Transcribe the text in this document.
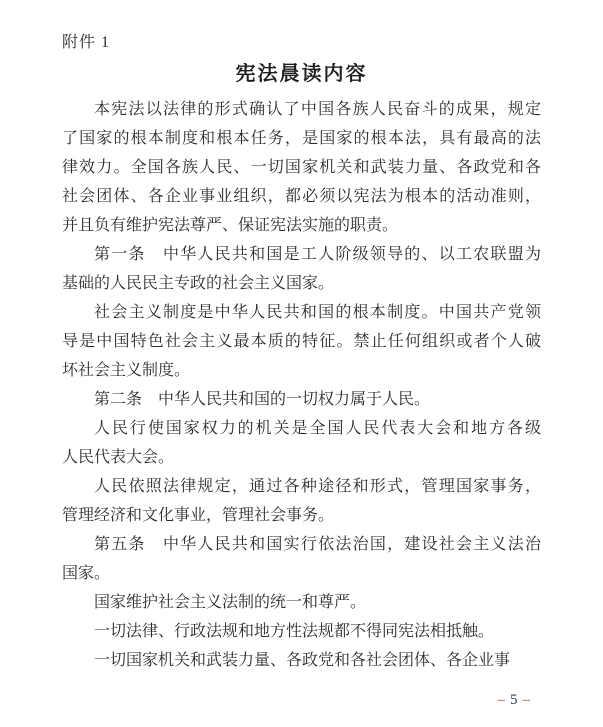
附件 1
宪法晨读内容
本宪法以法律的形式确认了中国各族人民奋斗的成果，规定
了国家的根本制度和根本任务，是国家的根本法，具有最高的法
律效力。全国各族人民、一切国家机关和武装力量、各政党和各
社会团体、各企业事业组织，都必须以宪法为根本的活动准则，
并且负有维护宪法尊严、保证宪法实施的职责。
第一条　中华人民共和国是工人阶级领导的、以工农联盟为
基础的人民民主专政的社会主义国家。
社会主义制度是中华人民共和国的根本制度。中国共产党领
导是中国特色社会主义最本质的特征。禁止任何组织或者个人破
坏社会主义制度。
第二条　中华人民共和国的一切权力属于人民。
人民行使国家权力的机关是全国人民代表大会和地方各级
人民代表大会。
人民依照法律规定，通过各种途径和形式，管理国家事务，
管理经济和文化事业，管理社会事务。
第五条　中华人民共和国实行依法治国，建设社会主义法治
国家。
国家维护社会主义法制的统一和尊严。
一切法律、行政法规和地方性法规都不得同宪法相抵触。
一切国家机关和武装力量、各政党和各社会团体、各企业事
– 5 –
